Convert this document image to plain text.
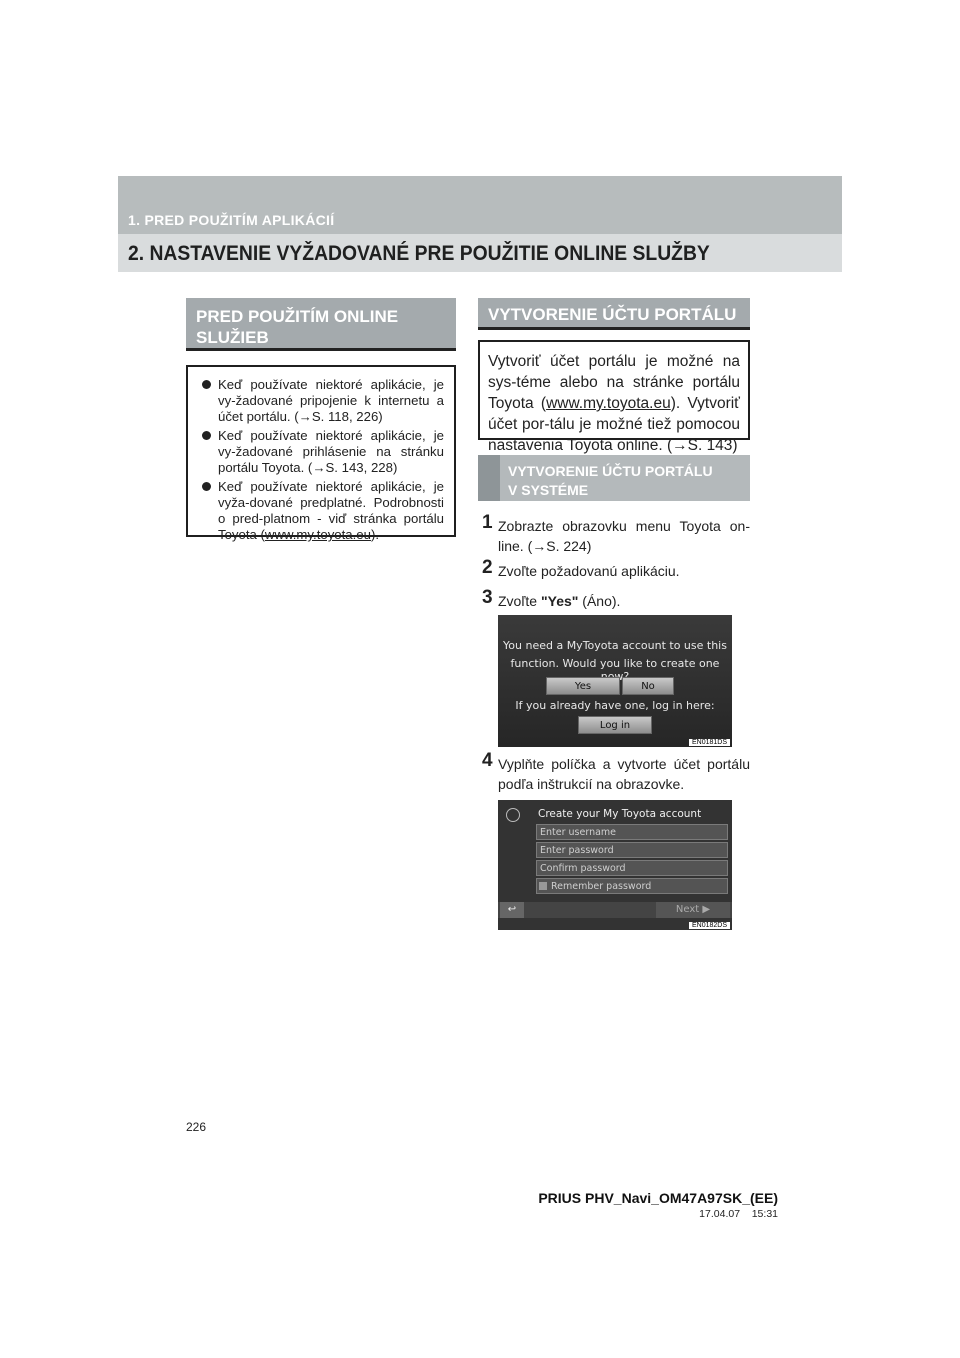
1. PRED POUŽITÍM APLIKÁCIÍ
2. NASTAVENIE VYŽADOVANÉ PRE POUŽITIE ONLINE SLUŽBY
PRED POUŽITÍM ONLINE
SLUŽIEB
Keď používate niektoré aplikácie, je vy-žadované pripojenie k internetu a účet portálu. (→S. 118, 226)
Keď používate niektoré aplikácie, je vy-žadované prihlásenie na stránku portálu Toyota. (→S. 143, 228)
Keď používate niektoré aplikácie, je vyža-dované predplatné. Podrobnosti o pred-platnom - viď stránka portálu Toyota (www.my.toyota.eu).
VYTVORENIE ÚČTU PORTÁLU
Vytvoriť účet portálu je možné na sys-téme alebo na stránke portálu Toyota (www.my.toyota.eu). Vytvoriť účet por-tálu je možné tiež pomocou nastavenia Toyota online. (→S. 143)
VYTVORENIE ÚČTU PORTÁLU
V SYSTÉME
1 Zobrazte obrazovku menu Toyota on-line. (→S. 224)
2 Zvoľte požadovanú aplikáciu.
3 Zvoľte "Yes" (Áno).
You need a MyToyota account to use this
function. Would you like to create one
Yes	No
If you already have one, log in here:
Log in
EN0181DS
4 Vyplňte políčka a vytvorte účet portálu podľa inštrukcií na obrazovke.
Create your My Toyota account
Enter username
Enter password
Confirm password
Remember password
↩	Next ▶
EN0182DS
226
PRIUS PHV_Navi_OM47A97SK_(EE)
17.04.07 15:31
